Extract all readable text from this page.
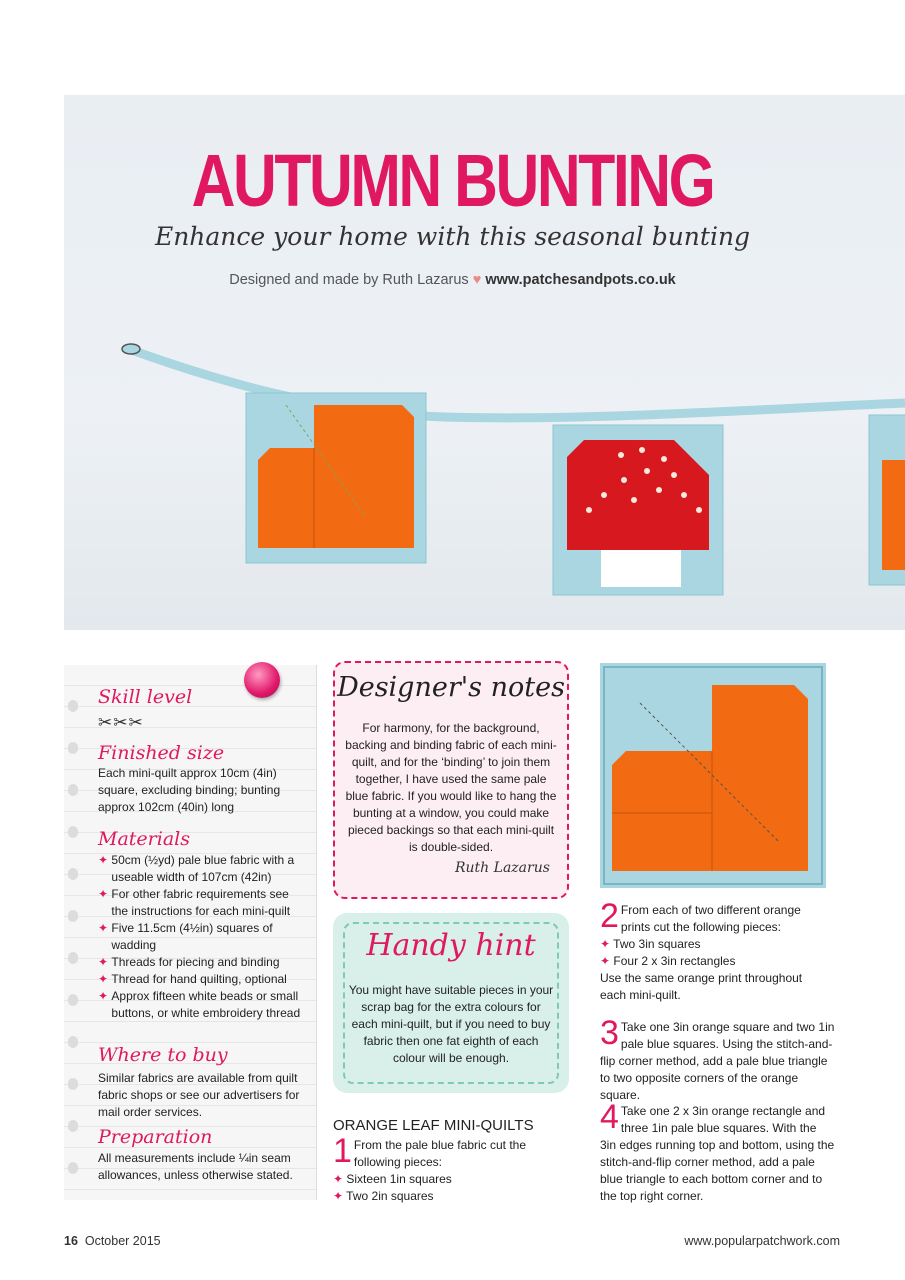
AUTUMN BUNTING
Enhance your home with this seasonal bunting
Designed and made by Ruth Lazarus ♥ www.patchesandpots.co.uk
Skill level
✂✂✂
Finished size
Each mini-quilt approx 10cm (4in) square, excluding binding; bunting approx 102cm (40in) long
Materials
✦ 50cm (½yd) pale blue fabric with a useable width of 107cm (42in)
✦ For other fabric requirements see the instructions for each mini-quilt
✦ Five 11.5cm (4½in) squares of wadding
✦ Threads for piecing and binding
✦ Thread for hand quilting, optional
✦ Approx fifteen white beads or small buttons, or white embroidery thread
Where to buy
Similar fabrics are available from quilt fabric shops or see our advertisers for mail order services.
Preparation
All measurements include ¼in seam allowances, unless otherwise stated.
Designer's notes
For harmony, for the background, backing and binding fabric of each mini-quilt, and for the ‘binding’ to join them together, I have used the same pale blue fabric. If you would like to hang the bunting at a window, you could make pieced backings so that each mini-quilt is double-sided.
Ruth Lazarus
Handy hint
You might have suitable pieces in your scrap bag for the extra colours for each mini-quilt, but if you need to buy fabric then one fat eighth of each colour will be enough.
ORANGE LEAF MINI-QUILTS
1 From the pale blue fabric cut the following pieces:
✦ Sixteen 1in squares
✦ Two 2in squares
2 From each of two different orange prints cut the following pieces:
✦ Two 3in squares
✦ Four 2 x 3in rectangles
Use the same orange print throughout each mini-quilt.
3 Take one 3in orange square and two 1in pale blue squares. Using the stitch-and-flip corner method, add a pale blue triangle to two opposite corners of the orange square.
4 Take one 2 x 3in orange rectangle and three 1in pale blue squares. With the 3in edges running top and bottom, using the stitch-and-flip corner method, add a pale blue triangle to each bottom corner and to the top right corner.
16 October 2015	www.popularpatchwork.com
